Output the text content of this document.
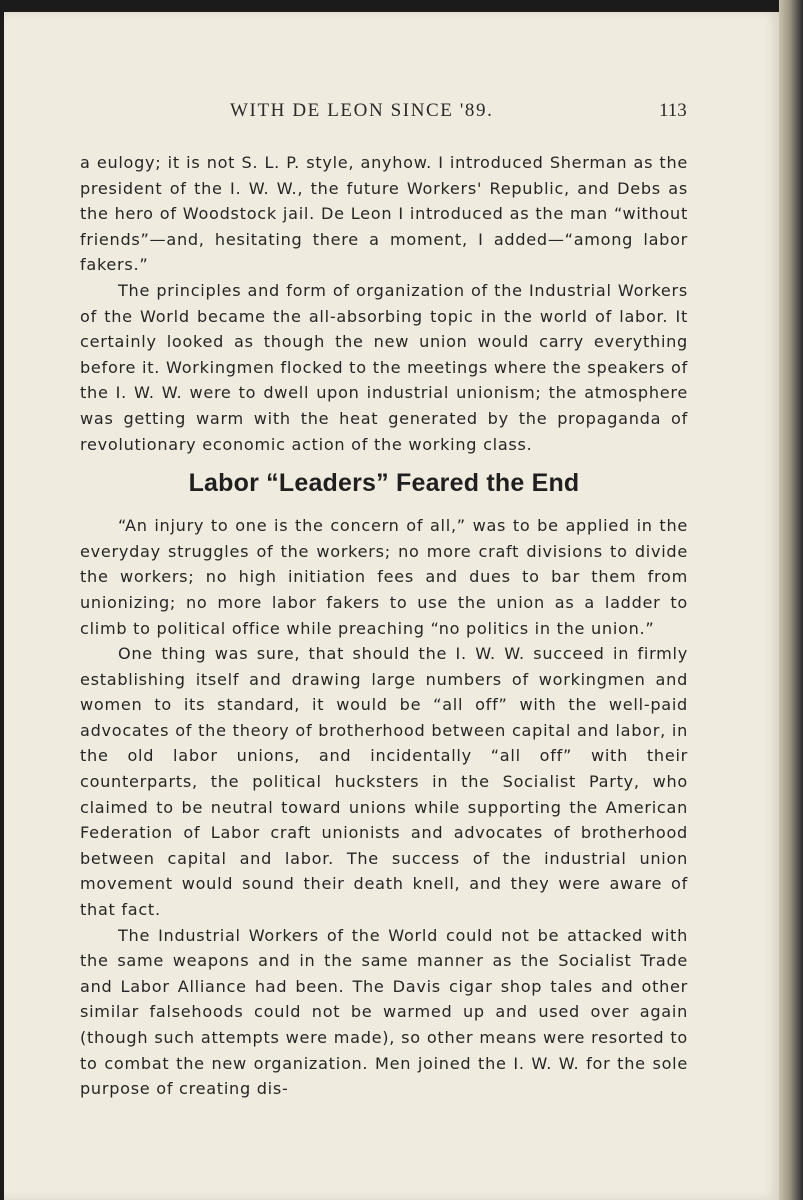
WITH DE LEON SINCE '89.	113

a eulogy; it is not S. L. P. style, anyhow. I introduced Sherman as the president of the I. W. W., the future Workers' Republic, and Debs as the hero of Woodstock jail. De Leon I introduced as the man “without friends”—and, hesitating there a moment, I added—“among labor fakers.”

The principles and form of organization of the Industrial Workers of the World became the all-absorbing topic in the world of labor. It certainly looked as though the new union would carry everything before it. Workingmen flocked to the meetings where the speakers of the I. W. W. were to dwell upon industrial unionism; the atmosphere was getting warm with the heat generated by the propaganda of revolutionary economic action of the working class.

Labor “Leaders” Feared the End

“An injury to one is the concern of all,” was to be applied in the everyday struggles of the workers; no more craft divisions to divide the workers; no high initiation fees and dues to bar them from unionizing; no more labor fakers to use the union as a ladder to climb to political office while preaching “no politics in the union.”

One thing was sure, that should the I. W. W. succeed in firmly establishing itself and drawing large numbers of workingmen and women to its standard, it would be “all off” with the well-paid advocates of the theory of brotherhood between capital and labor, in the old labor unions, and incidentally “all off” with their counterparts, the political hucksters in the Socialist Party, who claimed to be neutral toward unions while supporting the American Federation of Labor craft unionists and advocates of brotherhood between capital and labor. The success of the industrial union movement would sound their death knell, and they were aware of that fact.

The Industrial Workers of the World could not be attacked with the same weapons and in the same manner as the Socialist Trade and Labor Alliance had been. The Davis cigar shop tales and other similar falsehoods could not be warmed up and used over again (though such attempts were made), so other means were resorted to to combat the new organization. Men joined the I. W. W. for the sole purpose of creating dis-
